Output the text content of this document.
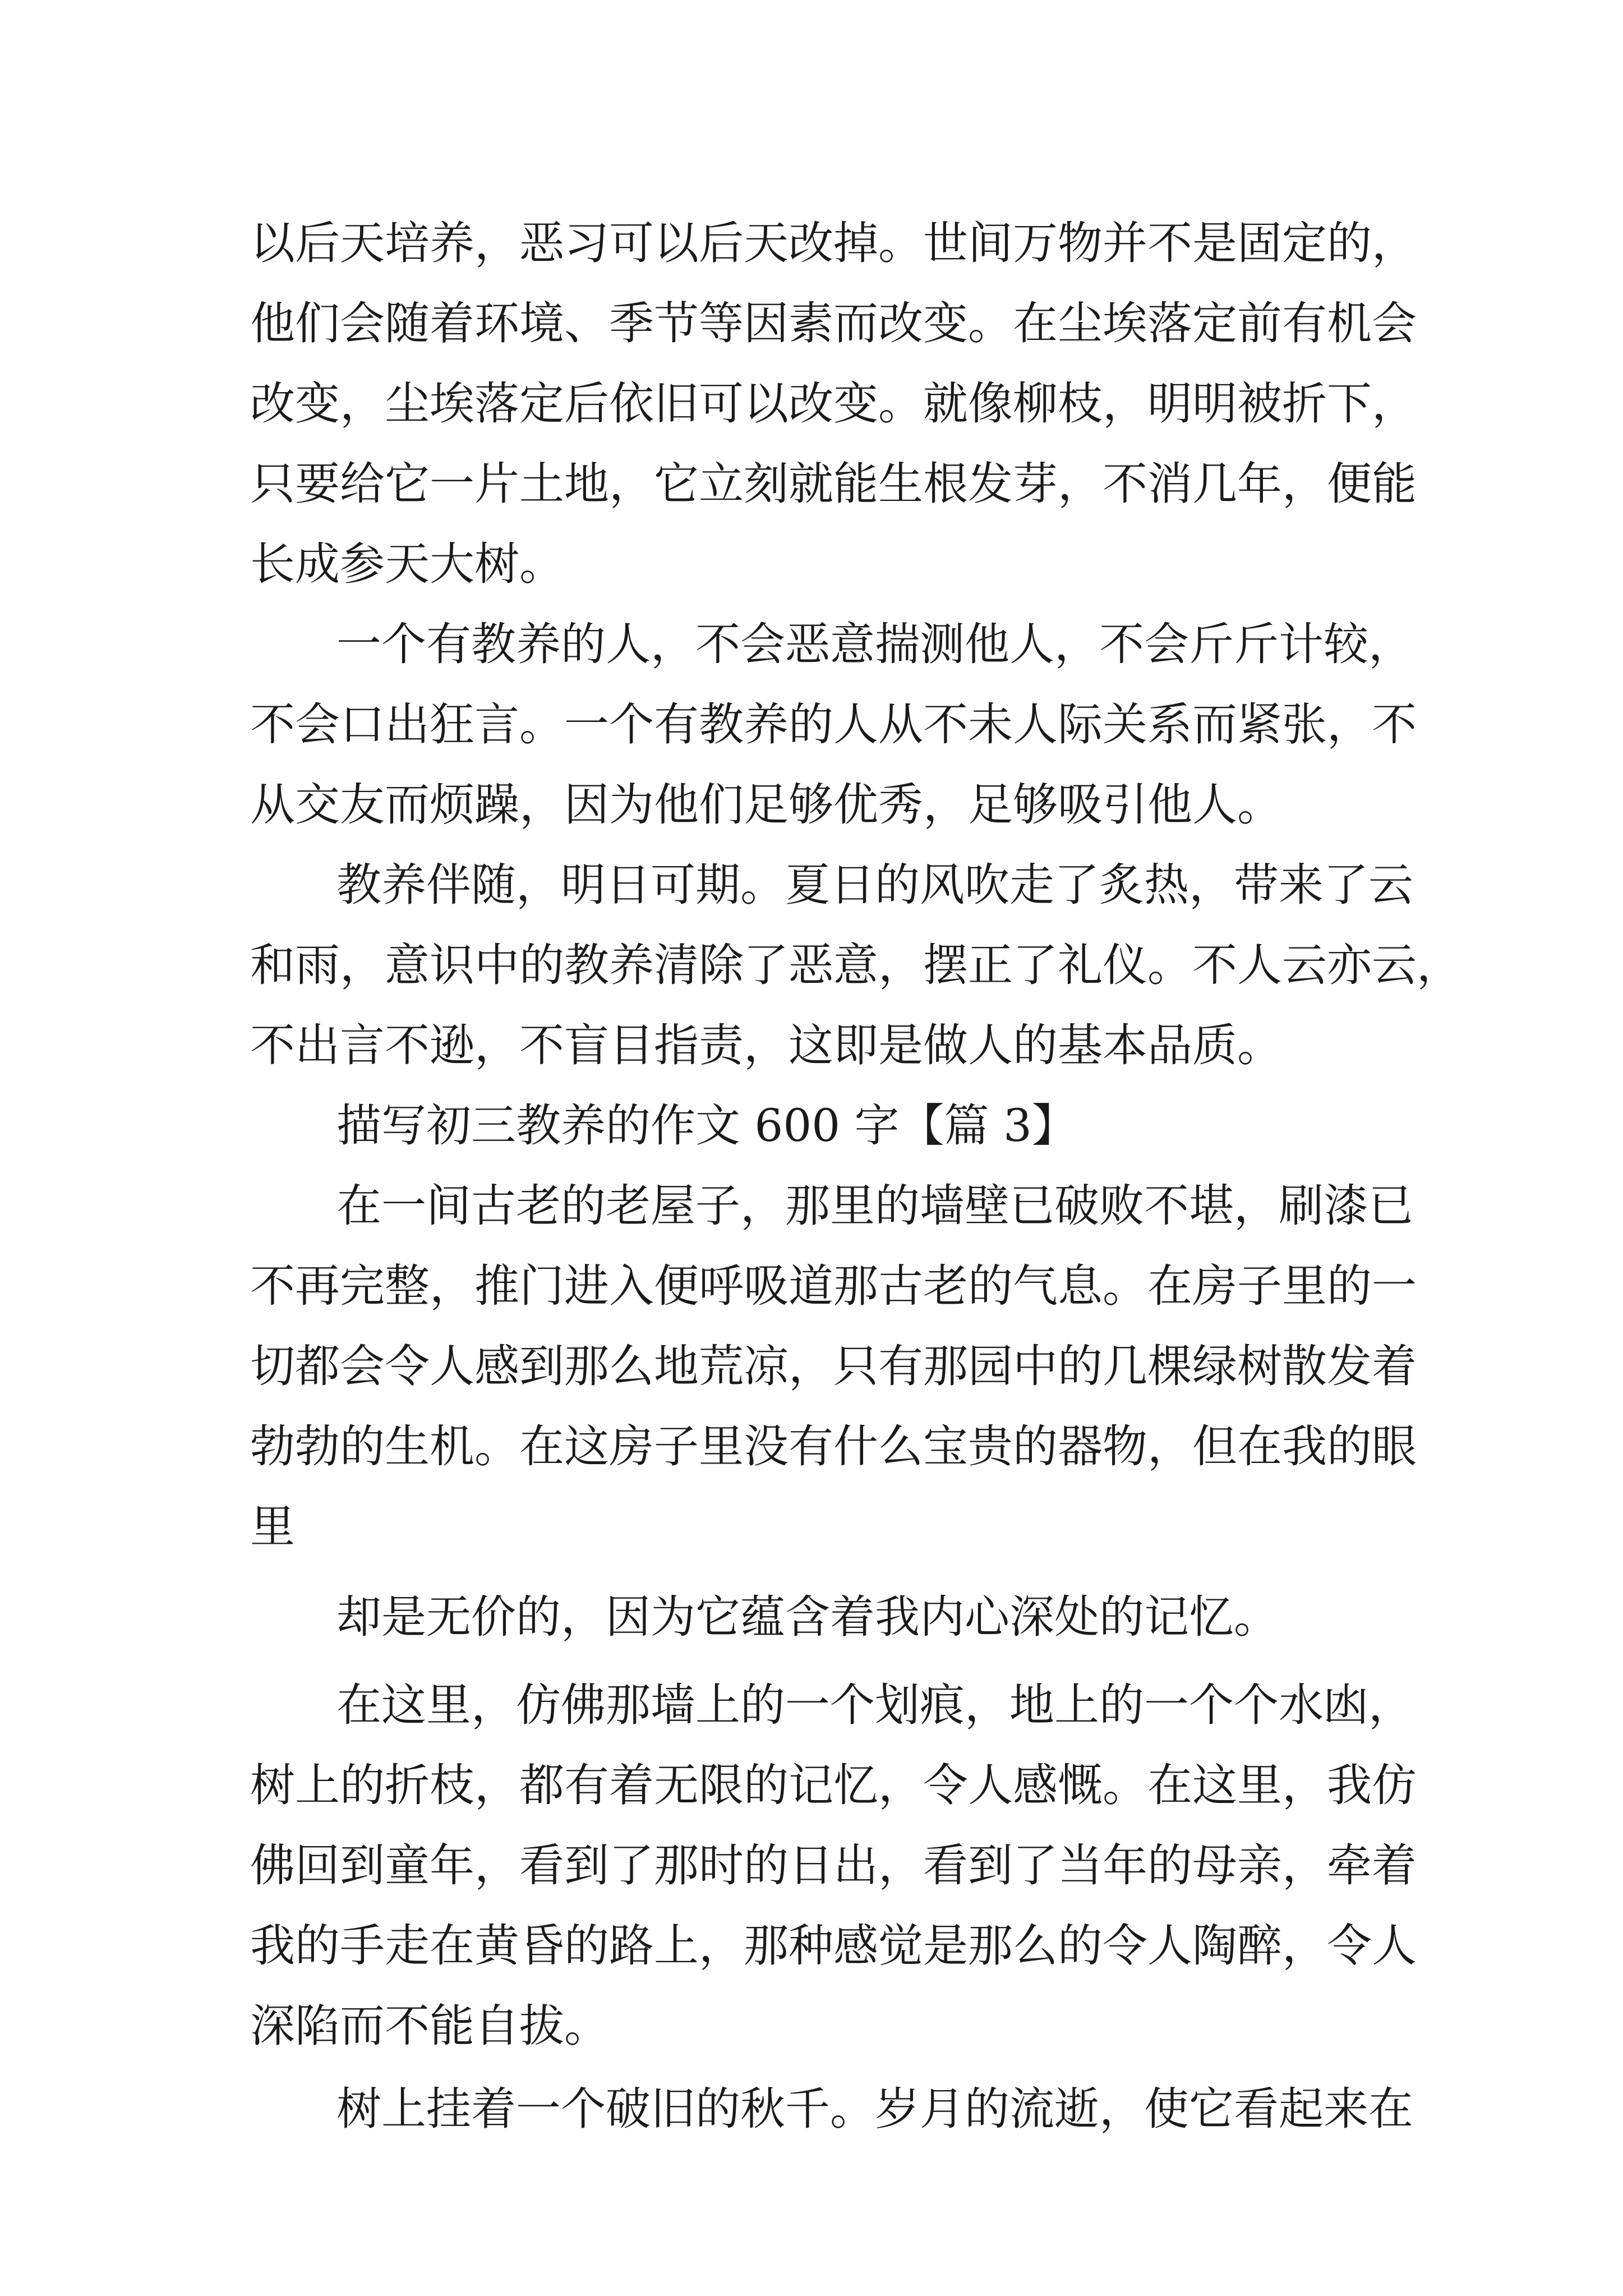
以后天培养，恶习可以后天改掉。世间万物并不是固定的，

他们会随着环境、季节等因素而改变。在尘埃落定前有机会

改变，尘埃落定后依旧可以改变。就像柳枝，明明被折下，

只要给它一片土地，它立刻就能生根发芽，不消几年，便能

长成参天大树。

一个有教养的人，不会恶意揣测他人，不会斤斤计较，

不会口出狂言。一个有教养的人从不未人际关系而紧张，不

从交友而烦躁，因为他们足够优秀，足够吸引他人。

教养伴随，明日可期。夏日的风吹走了炙热，带来了云

和雨，意识中的教养清除了恶意，摆正了礼仪。不人云亦云，

不出言不逊，不盲目指责，这即是做人的基本品质。

描写初三教养的作文 600 字【篇 3】

在一间古老的老屋子，那里的墙壁已破败不堪，刷漆已

不再完整，推门进入便呼吸道那古老的气息。在房子里的一

切都会令人感到那么地荒凉，只有那园中的几棵绿树散发着

勃勃的生机。在这房子里没有什么宝贵的器物，但在我的眼

里

却是无价的，因为它蕴含着我内心深处的记忆。

在这里，仿佛那墙上的一个划痕，地上的一个个水凼，

树上的折枝，都有着无限的记忆，令人感慨。在这里，我仿

佛回到童年，看到了那时的日出，看到了当年的母亲，牵着

我的手走在黄昏的路上，那种感觉是那么的令人陶醉，令人

深陷而不能自拔。

树上挂着一个破旧的秋千。岁月的流逝，使它看起来在
